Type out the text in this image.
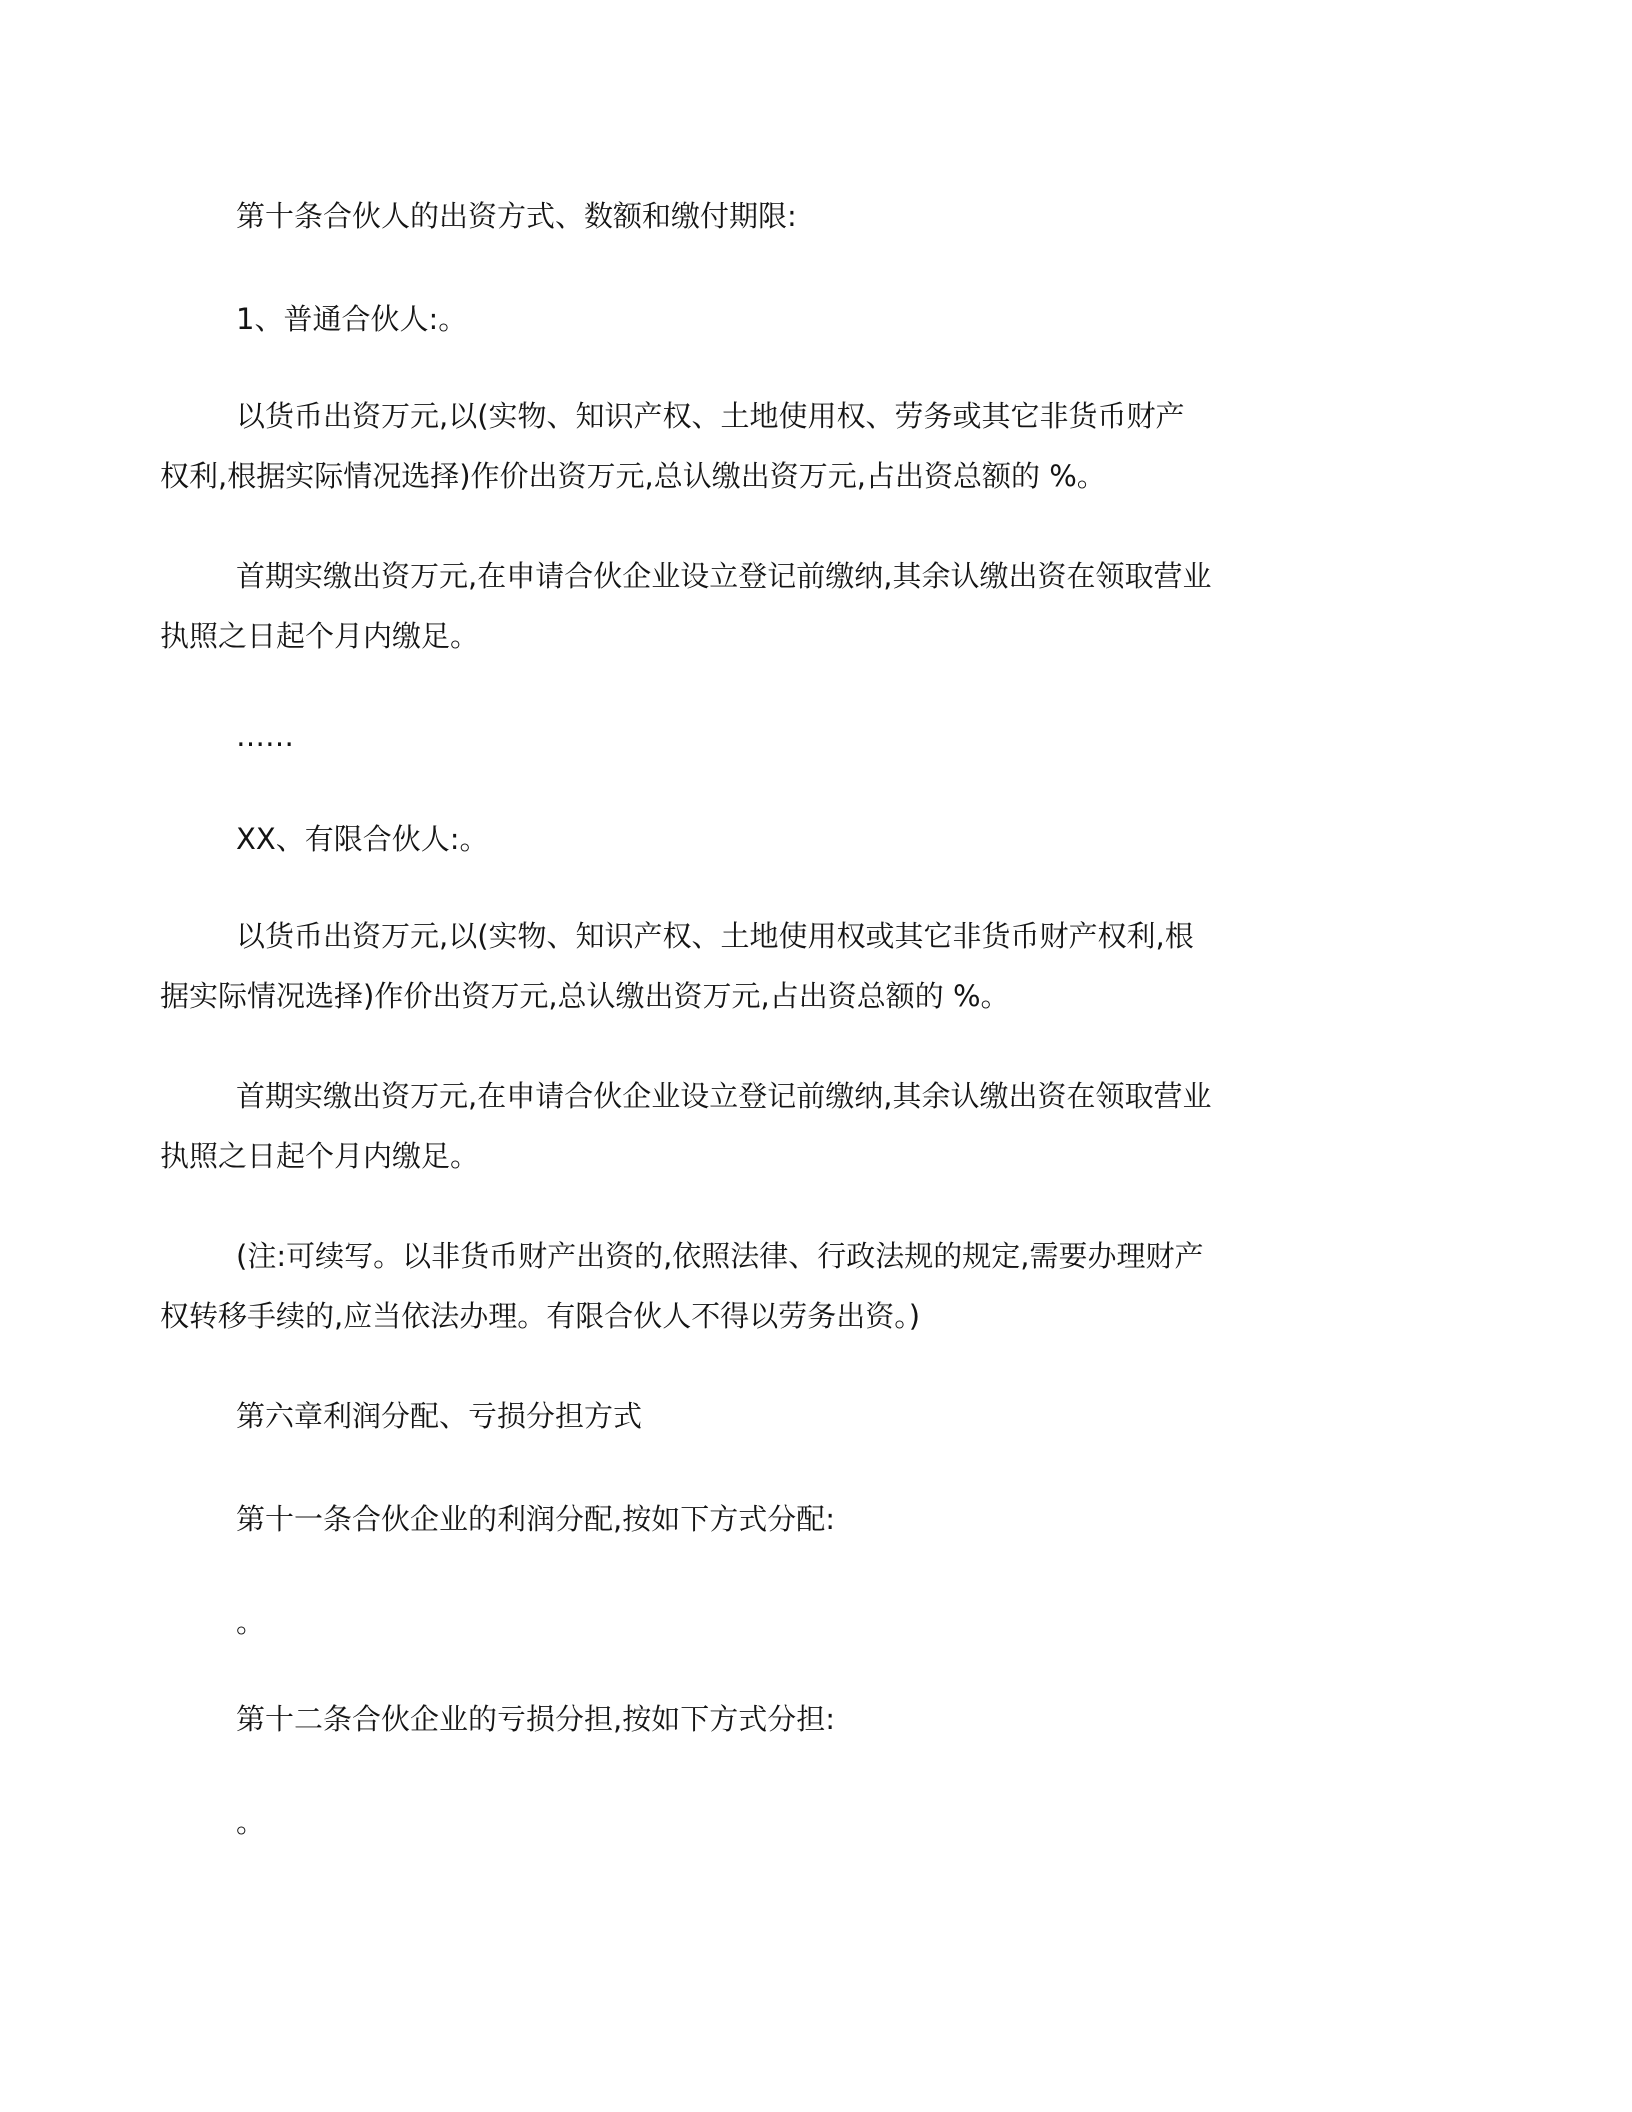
第十条合伙人的出资方式、数额和缴付期限:

1、普通合伙人:。

以货币出资万元,以(实物、知识产权、土地使用权、劳务或其它非货币财产
权利,根据实际情况选择)作价出资万元,总认缴出资万元,占出资总额的 %。

首期实缴出资万元,在申请合伙企业设立登记前缴纳,其余认缴出资在领取营业
执照之日起个月内缴足。

……

XX、有限合伙人:。

以货币出资万元,以(实物、知识产权、土地使用权或其它非货币财产权利,根
据实际情况选择)作价出资万元,总认缴出资万元,占出资总额的 %。

首期实缴出资万元,在申请合伙企业设立登记前缴纳,其余认缴出资在领取营业
执照之日起个月内缴足。

(注:可续写。以非货币财产出资的,依照法律、行政法规的规定,需要办理财产
权转移手续的,应当依法办理。有限合伙人不得以劳务出资。)

第六章利润分配、亏损分担方式

第十一条合伙企业的利润分配,按如下方式分配:

。

第十二条合伙企业的亏损分担,按如下方式分担:

。
